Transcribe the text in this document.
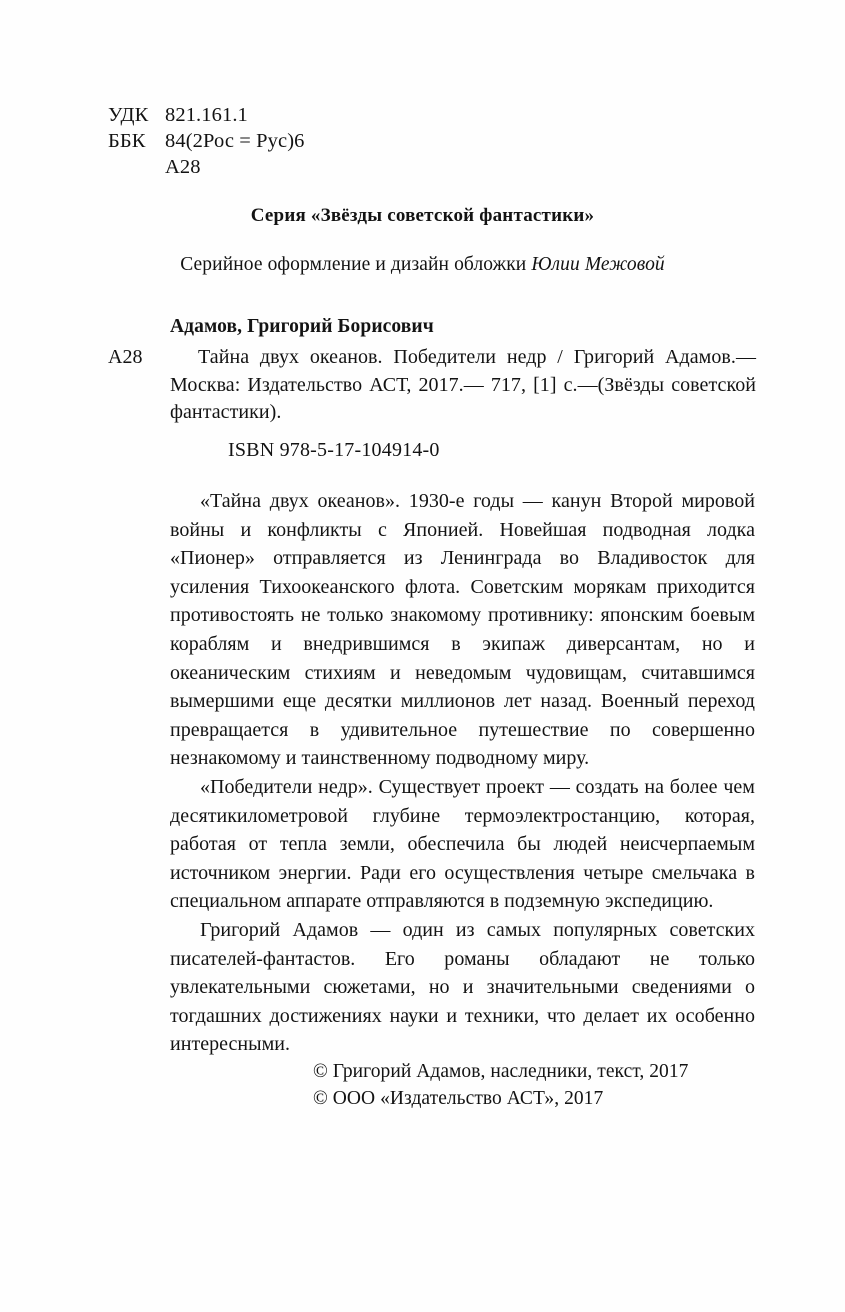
УДК 821.161.1
ББК 84(2Рос = Рус)6
А28
Серия «Звёзды советской фантастики»
Серийное оформление и дизайн обложки Юлии Межовой
Адамов, Григорий Борисович
А28	Тайна двух океанов. Победители недр / Григорий Адамов.— Москва: Издательство АСТ, 2017.— 717, [1] с.—(Звёзды советской фантастики).
ISBN 978-5-17-104914-0

«Тайна двух океанов». 1930-е годы — канун Второй мировой войны и конфликты с Японией. Новейшая подводная лодка «Пионер» отправляется из Ленинграда во Владивосток для усиления Тихоокеанского флота. Советским морякам приходится противостоять не только знакомому противнику: японским боевым кораблям и внедрившимся в экипаж диверсантам, но и океаническим стихиям и неведомым чудовищам, считавшимся вымершими еще десятки миллионов лет назад. Военный переход превращается в удивительное путешествие по совершенно незнакомому и таинственному подводному миру.

«Победители недр». Существует проект — создать на более чем десятикилометровой глубине термоэлектростанцию, которая, работая от тепла земли, обеспечила бы людей неисчерпаемым источником энергии. Ради его осуществления четыре смельчака в специальном аппарате отправляются в подземную экспедицию.

Григорий Адамов — один из самых популярных советских писателей-фантастов. Его романы обладают не только увлекательными сюжетами, но и значительными сведениями о тогдашних достижениях науки и техники, что делает их особенно интересными.

© Григорий Адамов, наследники, текст, 2017
© ООО «Издательство АСТ», 2017
